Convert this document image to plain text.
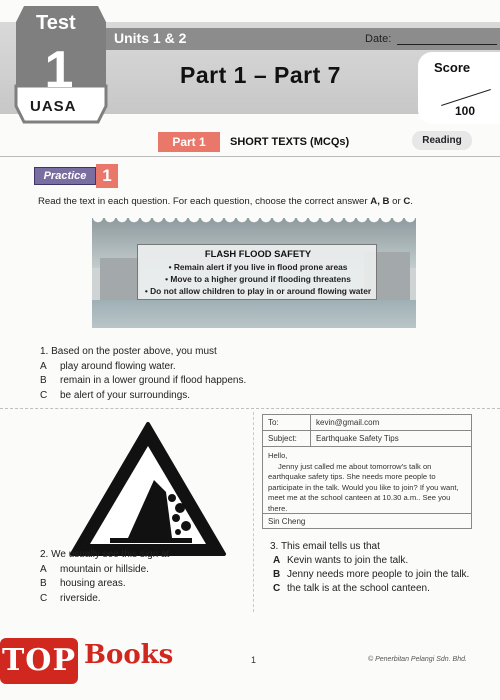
Units 1 & 2	Date:
Test
1
UASA
Part 1 – Part 7	Score
100
Part 1	SHORT TEXTS (MCQs)	Reading
Practice 1

Read the text in each question. For each question, choose the correct answer A, B or C.

FLASH FLOOD SAFETY
• Remain alert if you live in flood prone areas
• Move to a higher ground if flooding threatens
• Do not allow children to play in or around flowing water
1. Based on the poster above, you must
A play around flowing water.
B remain in a lower ground if flood happens.
C be alert of your surroundings.
2. We usually see this sign at
A mountain or hillside.
B housing areas.
C riverside.
To:	kevin@gmail.com
Subject: Earthquake Safety Tips
Hello,
Jenny just called me about tomorrow's talk on earthquake safety tips. She needs more people to participate in the talk. Would you like to join? If you want, meet me at the school canteen at 10.30 a.m.. See you there.
Sin Cheng
3. This email tells us that
A Kevin wants to join the talk.
B Jenny needs more people to join the talk.
C the talk is at the school canteen.
TOP Books	1	© Penerbitan Pelangi Sdn. Bhd.
